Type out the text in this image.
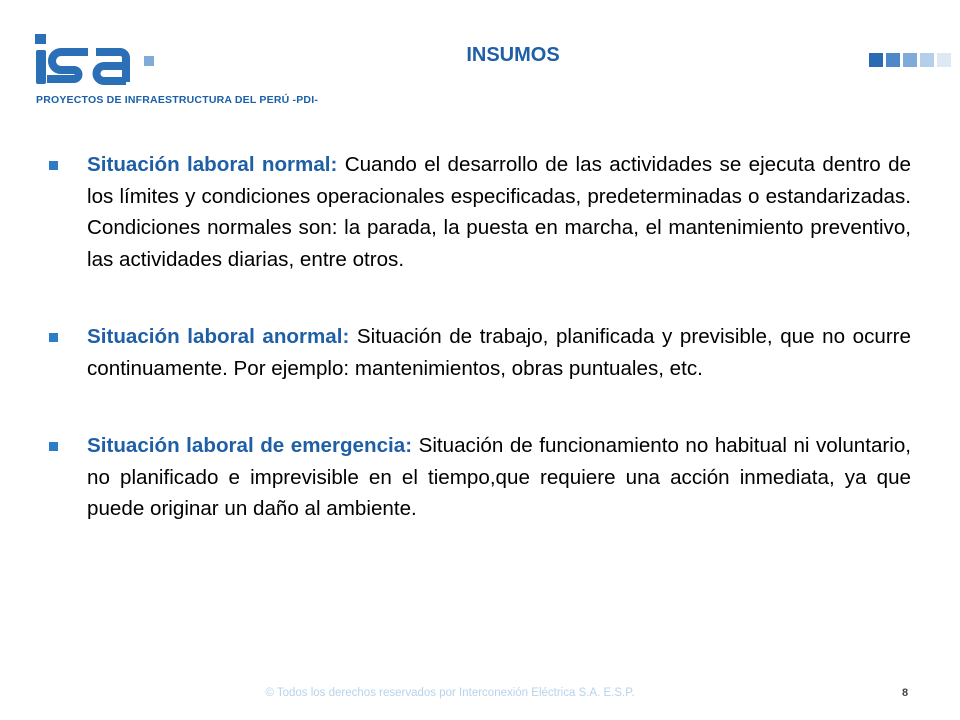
PROYECTOS DE INFRAESTRUCTURA DEL PERÚ -PDI-
INSUMOS

Situación laboral normal: Cuando el desarrollo de las actividades se ejecuta dentro de los límites y condiciones operacionales especificadas, predeterminadas o estandarizadas. Condiciones normales son: la parada, la puesta en marcha, el mantenimiento preventivo, las actividades diarias, entre otros.

Situación laboral anormal: Situación de trabajo, planificada y previsible, que no ocurre continuamente. Por ejemplo: mantenimientos, obras puntuales, etc.

Situación laboral de emergencia: Situación de funcionamiento no habitual ni voluntario, no planificado e imprevisible en el tiempo,que requiere una acción inmediata, ya que puede originar un daño al ambiente.

© Todos los derechos reservados por Interconexión Eléctrica S.A. E.S.P.	8
